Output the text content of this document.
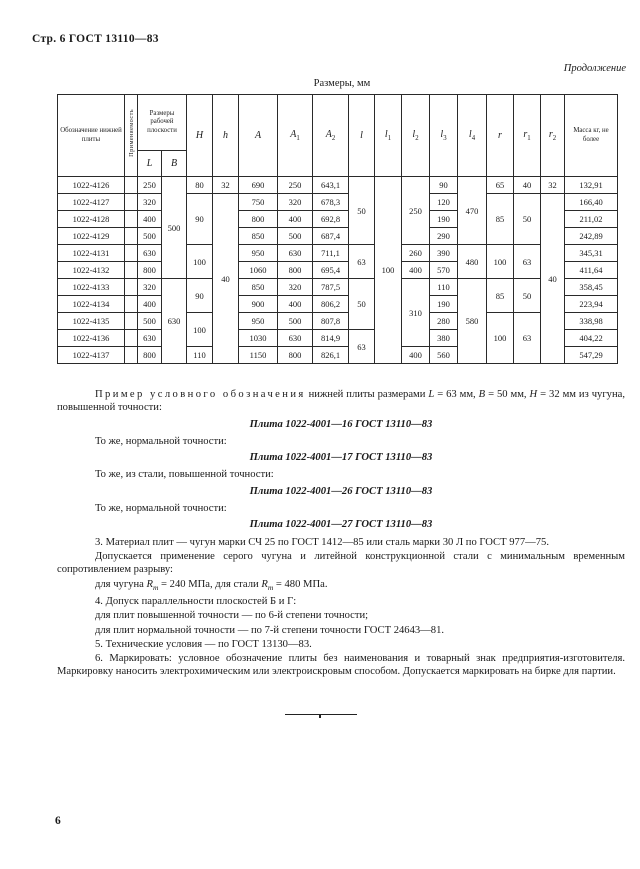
Стр. 6 ГОСТ 13110—83
Продолжение
Размеры, мм
Обозначение нижней плиты	Применяемость	Размеры рабочей плоскости		H	h	A	$A_1$	$A_2$	l	$l_1$	$l_2$	$l_3$	$l_4$	r	$r_1$	$r_2$	Масса кг, не более
		L	B														
1022-4126		250	500	80	32	690	250	643,1	50	100	250	90	470	65	40	32	132,91
1022-4127		320		90	40	750	320	678,3				120		85	50	40	166,40
1022-4128		400				800	400	692,8				190					211,02
1022-4129		500				850	500	687,4				290					242,89
1022-4131		630		100		950	630	711,1	63		260	390	480	100	63		345,31
1022-4132		800				1060	800	695,4			400	570					411,64
1022-4133		320	630	90		850	320	787,5	50		310	110	580	85	50		358,45
1022-4134		400				900	400	806,2				190					223,94
1022-4135		500		100		950	500	807,8				280		100	63		338,98
1022-4136		630				1030	630	814,9	63			380					404,22
1022-4137		800		110		1150	800	826,1			400	560					547,29

Пример условного обозначения нижней плиты размерами L = 63 мм, В = 50 мм, Н = 32 мм из чугуна, повышенной точности:

Плита 1022-4001—16 ГОСТ 13110—83

То же, нормальной точности:

Плита 1022-4001—17 ГОСТ 13110—83

То же, из стали, повышенной точности:

Плита 1022-4001—26 ГОСТ 13110—83

То же, нормальной точности:

Плита 1022-4001—27 ГОСТ 13110—83

3. Материал плит — чугун марки СЧ 25 по ГОСТ 1412—85 или сталь марки 30 Л по ГОСТ 977—75.

Допускается применение серого чугуна и литейной конструкционной стали с минимальным временным сопротивлением разрыву:

для чугуна $R_m = 240$ МПа, для стали $R_m = 480$ МПа.

4. Допуск параллельности плоскостей Б и Г:

для плит повышенной точности — по 6-й степени точности;

для плит нормальной точности — по 7-й степени точности ГОСТ 24643—81.

5. Технические условия — по ГОСТ 13130—83.

6. Маркировать: условное обозначение плиты без наименования и товарный знак предприятия-изготовителя. Маркировку наносить электрохимическим или электроискровым способом. Допускается маркировать на бирке для партии.

6
